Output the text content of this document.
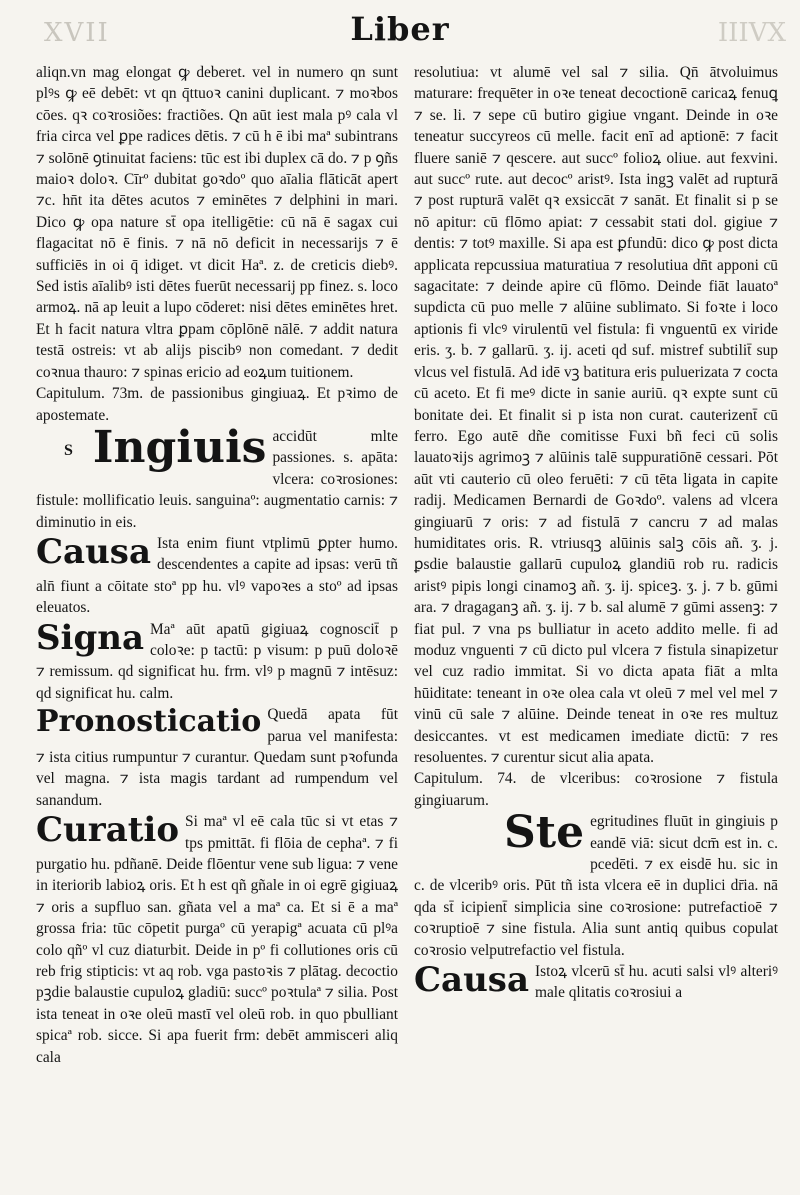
XVII	IIIVX
Liber

aliqn.vn mag elongat ꝙ deberet. vel in numero qn sunt plꝰs ꝙ eē debēt: vt qn q̄ttuoꝛ canini duplicant. ⁊ moꝛbos cōes. qꝛ coꝛrosiões: fractiões. Qn aūt iest mala pꝰ cala vl fria circa vel ꝑpe radices dētis. ⁊ cū h ē ibi maª subintrans ⁊ solōnē ꝯtinuitat faciens: tūc est ibi duplex cā do. ⁊ p ꝯñs maioꝛ doloꝛ. Cīrº dubitat goꝛdoº quo aīalia flāticāt apert ⁊c. hn̄t ita dētes acutos ⁊ eminētes ⁊ delphini in mari. Dico ꝙ opa nature st̄ opa itelligētie: cū nā ē sagax cui flagacitat nō ē finis. ⁊ nā nō deficit in necessarijs ⁊ ē sufficiēs in oi q̄ idiget. vt dicit Haª. z. de creticis diebꝰ. Sed istis aīalibꝰ isti dētes fuerūt necessarij pp finez. s. loco armoꝝ. nā ap leuit a lupo cōderet: nisi dētes eminētes hret. Et h facit natura vltra ꝑpam cōplōnē nālē. ⁊ addit natura testā ostreis: vt ab alijs piscibꝰ non comedant. ⁊ dedit coꝛnua thauro: ⁊ spinas ericio ad eoꝝum tuitionem.

Capitulum. 73m. de passionibus gingiuaꝝ. Et pꝛimo de apostemate.

S Ingiuis accidūt mlte passiones. s. apāta: vlcera: coꝛrosiones: fistule: mollificatio leuis. sanguinaº: augmentatio carnis: ⁊ diminutio in eis.

Causa Ista enim fiunt vtplimū ꝑpter humo. descendentes a capite ad ipsas: verū tñ aln̄ fiunt a cōitate stoª pp hu. vlꝰ vapoꝛes a stoº ad ipsas eleuatos.

Signa Maª aūt apatū gigiuaꝝ cognoscit̄ p coloꝛe: p tactū: p visum: p puū doloꝛē ⁊ remissum. qd significat hu. frm. vlꝰ p magnū ⁊ intēsuz: qd significat hu. calm.

Pronosticatio Quedā apata fūt parua vel manifesta: ⁊ ista citius rumpuntur ⁊ curantur. Quedam sunt pꝛofunda vel magna. ⁊ ista magis tardant ad rumpendum vel sanandum.

Curatio Si maª vl eē cala tūc si vt etas ⁊ tps pmittāt. fi flōia de cephaª. ⁊ fi purgatio hu. pdñanē. Deide flōentur vene sub ligua: ⁊ vene in iteriorib labioꝝ oris. Et h est qñ gñale in oi egrē gigiuaꝝ ⁊ oris a supfluo san. gñata vel a maª ca. Et si ē a maª grossa fria: tūc cōpetit purgaº cū yerapigª acuata cū plꝰa colo qñº vl cuz diaturbit. Deide in pº fi collutiones oris cū reb frig stipticis: vt aq rob. vga pastoꝛis ⁊ plātag. decoctio pꝫdie balaustie cupuloꝝ gladiū: succº poꝛtulaª ⁊ silia. Post ista teneat in oꝛe oleū mastī vel oleū rob. in quo pbulliant spicaª rob. sicce. Si apa fuerit frm: debēt ammisceri aliq cala

resolutiua: vt alumē vel sal ⁊ silia. Qn̄ ātvoluimus maturare: frequēter in oꝛe teneat decoctionē caricaꝝ fenuꝗ ⁊ se. li. ⁊ sepe cū butiro gigiue vngant. Deinde in oꝛe teneatur succyreos cū melle. facit enī ad aptionē: ⁊ facit fluere saniē ⁊ qescere. aut succº folioꝝ oliue. aut fexvini. aut succº rute. aut decocº aristꝰ. Ista ingꝫ valēt ad rupturā ⁊ post rupturā valēt qꝛ exsiccāt ⁊ sanāt. Et finalit si p se nō apitur: cū flōmo apiat: ⁊ cessabit stati dol. gigiue ⁊ dentis: ⁊ totꝰ maxille. Si apa est ꝑfundū: dico ꝙ post dicta applicata repcussiua maturatiua ⁊ resolutiua dn̄t apponi cū sagacitate: ⁊ deinde apire cū flōmo. Deinde fiāt lauatoª supdicta cū puo melle ⁊ alūine sublimato. Si foꝛte i loco aptionis fi vlcꝰ virulentū vel fistula: fi vnguentū ex viride eris. ʒ. b. ⁊ gallarū. ʒ. ij. aceti qd suf. mistref subtilit̄ sup vlcus vel fistulā. Ad idē vꝫ batitura eris puluerizata ⁊ cocta cū aceto. Et fi meꝰ dicte in sanie auriū. qꝛ expte sunt cū bonitate dei. Et finalit si p ista non curat. cauterizent̄ cū ferro. Ego autē dñe comitisse Fuxi bñ feci cū solis lauatoꝛijs agrimoꝫ ⁊ alūinis talē suppuratiōnē cessari. Pōt aūt vti cauterio cū oleo feruēti: ⁊ cū tēta ligata in capite radij. Medicamen Bernardi de Goꝛdoº. valens ad vlcera gingiuarū ⁊ oris: ⁊ ad fistulā ⁊ cancru ⁊ ad malas humiditates oris. R. vtriusqꝫ alūinis salꝫ cōis añ. ʒ. j. ꝑsdie balaustie gallarū cupuloꝝ glandiū rob ru. radicis aristꝰ pipis longi cinamoꝫ añ. ʒ. ij. spiceꝫ. ʒ. j. ⁊ b. gūmi ara. ⁊ dragaganꝫ añ. ʒ. ij. ⁊ b. sal alumē ⁊ gūmi assenꝫ: ⁊ fiat pul. ⁊ vna ps bulliatur in aceto addito melle. fi ad moduz vnguenti ⁊ cū dicto pul vlcera ⁊ fistula sinapizetur vel cuz radio immitat. Si vo dicta apata fiāt a mlta hūiditate: teneant in oꝛe olea cala vt oleū ⁊ mel vel mel ⁊ vinū cū sale ⁊ alūine. Deinde teneat in oꝛe res multuz desiccantes. vt est medicamen imediate dictū: ⁊ res resoluentes. ⁊ curentur sicut alia apata.

Capitulum. 74. de vlceribus: coꝛrosione ⁊ fistula gingiuarum.

Ste egritudines fluūt in gingiuis p eandē viā: sicut dcm̄ est in. c. pcedēti. ⁊ ex eisdē hu. sic in c. de vlceribꝰ oris. Pūt tñ ista vlcera eē in duplici dr̄ia. nā qda st̄ icipient̄ simplicia sine coꝛrosione: putrefactioē ⁊ coꝛruptioē ⁊ sine fistula. Alia sunt antiq quibus copulat coꝛrosio velputrefactio vel fistula.

Causa Istoꝝ vlcerū st̄ hu. acuti salsi vlꝰ alteriꝰ male qlitatis coꝛrosiui a
